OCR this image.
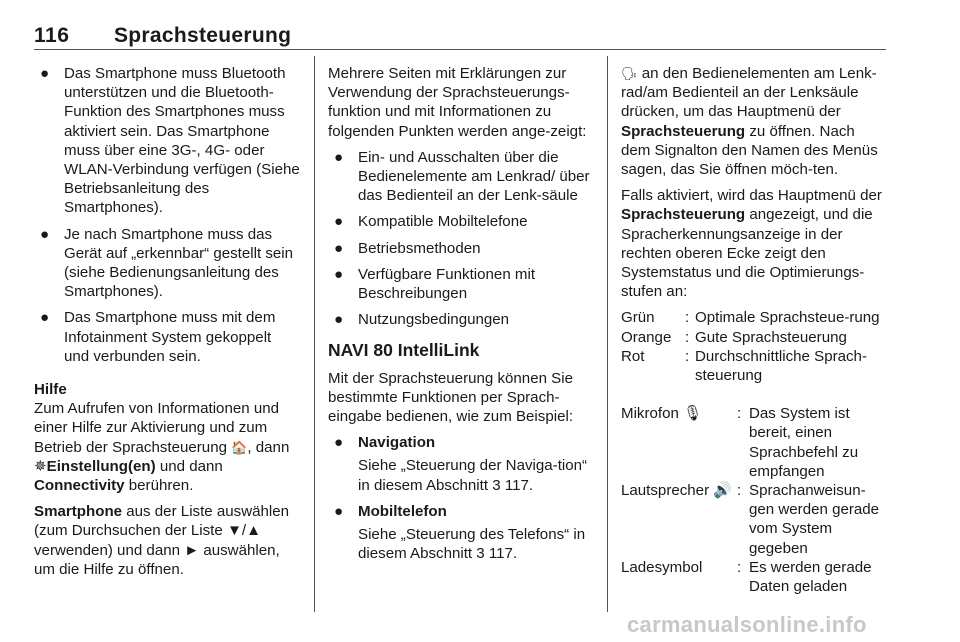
116 Sprachsteuerung
● Das Smartphone muss Bluetooth unterstützen und die Bluetooth-Funktion des Smartphones muss aktiviert sein. Das Smartphone muss über eine 3G-, 4G- oder WLAN-Verbindung verfügen (Siehe Betriebsanleitung des Smartphones).
● Je nach Smartphone muss das Gerät auf „erkennbar“ gestellt sein (siehe Bedienungsanleitung des Smartphones).
● Das Smartphone muss mit dem Infotainment System gekoppelt und verbunden sein.
Hilfe

Zum Aufrufen von Informationen und einer Hilfe zur Aktivierung und zum Betrieb der Sprachsteuerung 🏠, dann ✵Einstellung(en) und dann Connectivity berühren.

Smartphone aus der Liste auswählen (zum Durchsuchen der Liste ▼/▲ verwenden) und dann ► auswählen, um die Hilfe zu öffnen.

Mehrere Seiten mit Erklärungen zur Verwendung der Sprachsteuerungs-funktion und mit Informationen zu folgenden Punkten werden ange-zeigt:

● Ein- und Ausschalten über die Bedienelemente am Lenkrad/ über das Bedienteil an der Lenk-säule
● Kompatible Mobiltelefone
● Betriebsmethoden
● Verfügbare Funktionen mit Beschreibungen
● Nutzungsbedingungen
NAVI 80 IntelliLink

Mit der Sprachsteuerung können Sie bestimmte Funktionen per Sprach-eingabe bedienen, wie zum Beispiel:

● Navigation

Siehe „Steuerung der Naviga-tion“ in diesem Abschnitt 3 117.

● Mobiltelefon

Siehe „Steuerung des Telefons“ in diesem Abschnitt 3 117.

🗣 an den Bedienelementen am Lenk-rad/am Bedienteil an der Lenksäule drücken, um das Hauptmenü der Sprachsteuerung zu öffnen. Nach dem Signalton den Namen des Menüs sagen, das Sie öffnen möch-ten.

Falls aktiviert, wird das Hauptmenü der Sprachsteuerung angezeigt, und die Spracherkennungsanzeige in der rechten oberen Ecke zeigt den Systemstatus und die Optimierungs-stufen an:

Grün	: Optimale Sprachsteue-rung
Orange : Gute Sprachsteuerung
Rot	: Durchschnittliche Sprach-steuerung
Mikrofon 🎙	: Das System ist bereit, einen Sprachbefehl zu empfangen
Lautsprecher 🔊 : Sprachanweisun-gen werden gerade vom System gegeben
Ladesymbol	: Es werden gerade Daten geladen
carmanualsonline.info
